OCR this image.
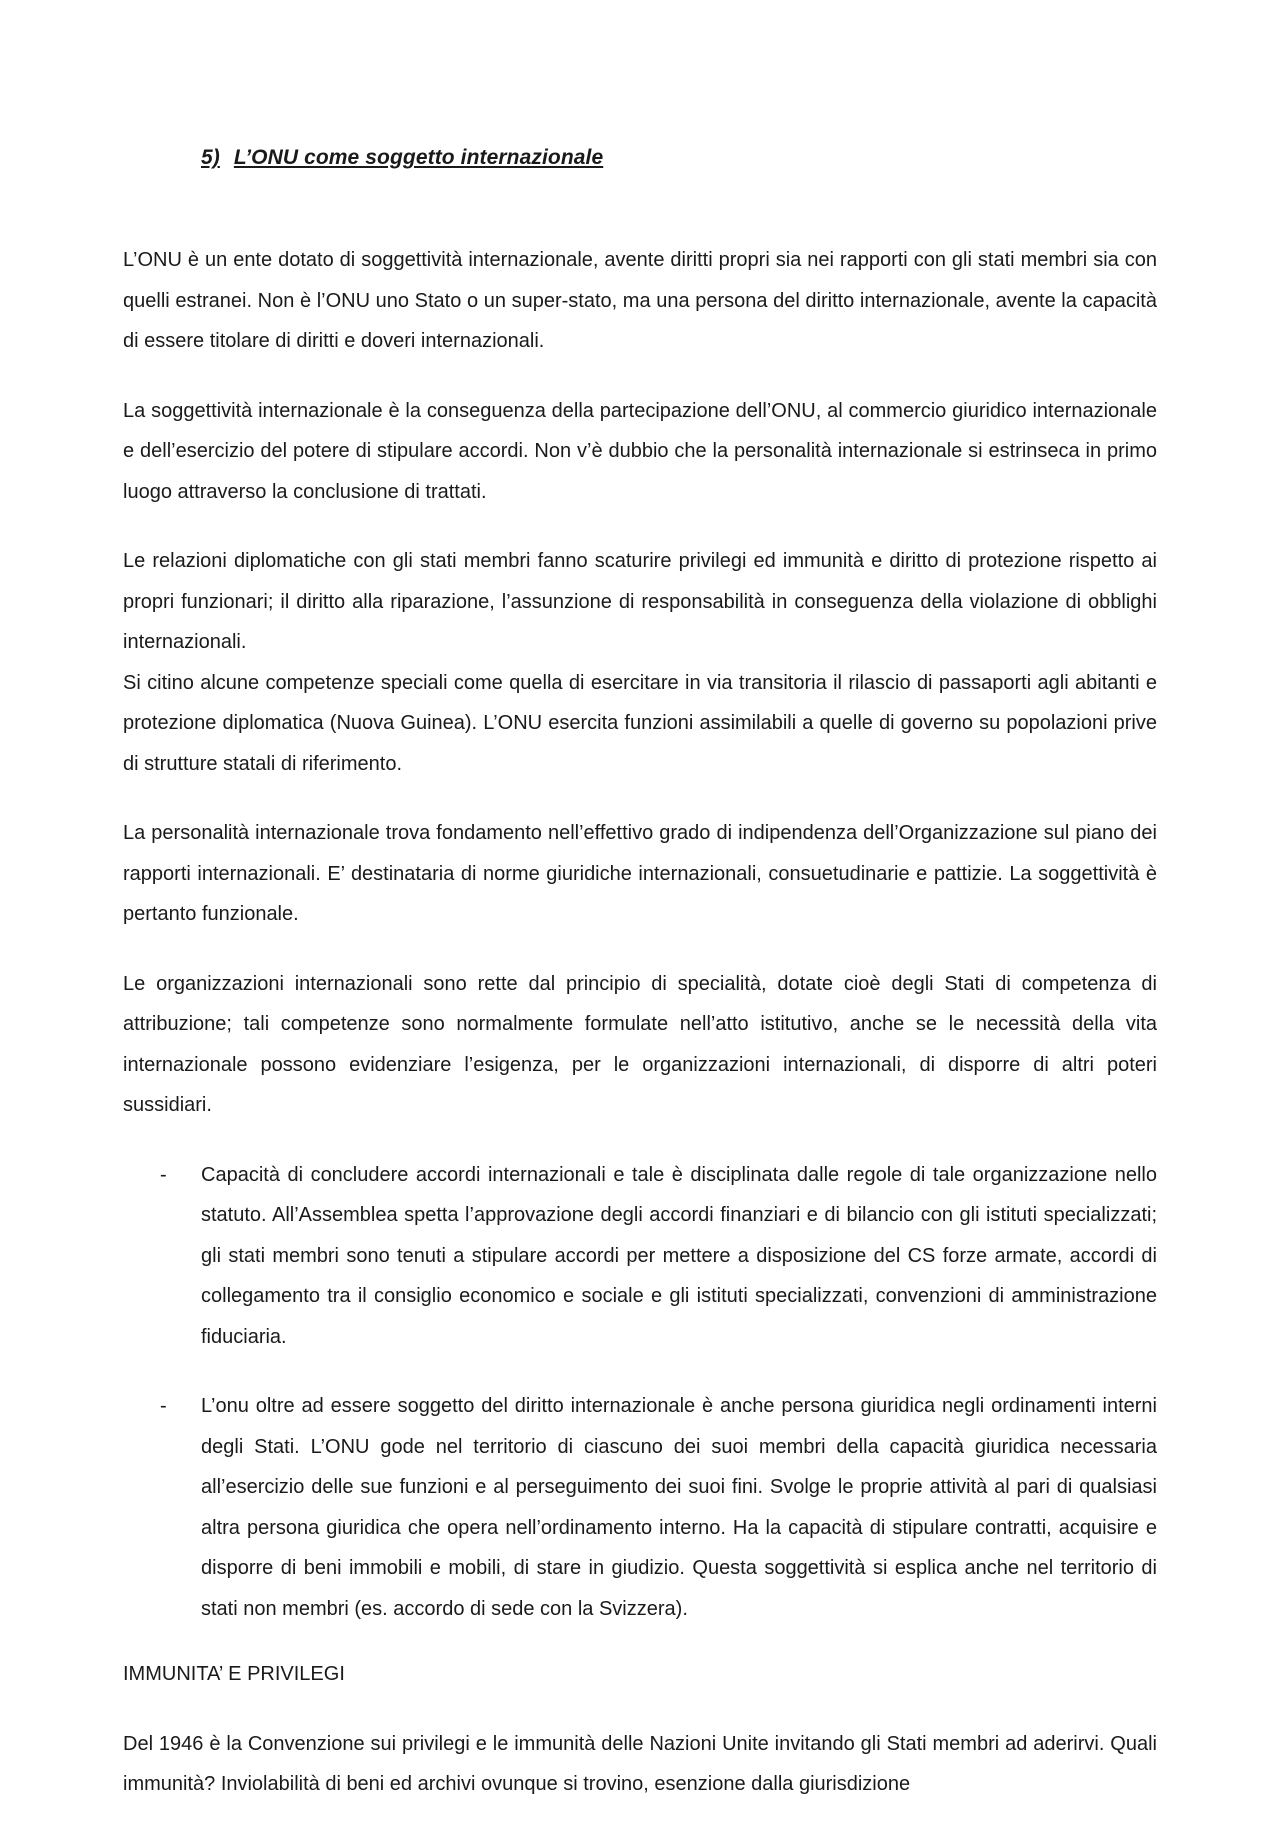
5) L’ONU come soggetto internazionale

L’ONU è un ente dotato di soggettività internazionale, avente diritti propri sia nei rapporti con gli stati membri sia con quelli estranei. Non è l’ONU uno Stato o un super-stato, ma una persona del diritto internazionale, avente la capacità di essere titolare di diritti e doveri internazionali.

La soggettività internazionale è la conseguenza della partecipazione dell’ONU, al commercio giuridico internazionale e dell’esercizio del potere di stipulare accordi. Non v’è dubbio che la personalità internazionale si estrinseca in primo luogo attraverso la conclusione di trattati.

Le relazioni diplomatiche con gli stati membri fanno scaturire privilegi ed immunità e diritto di protezione rispetto ai propri funzionari; il diritto alla riparazione, l’assunzione di responsabilità in conseguenza della violazione di obblighi internazionali.

Si citino alcune competenze speciali come quella di esercitare in via transitoria il rilascio di passaporti agli abitanti e protezione diplomatica (Nuova Guinea). L’ONU esercita funzioni assimilabili a quelle di governo su popolazioni prive di strutture statali di riferimento.

La personalità internazionale trova fondamento nell’effettivo grado di indipendenza dell’Organizzazione sul piano dei rapporti internazionali. E’ destinataria di norme giuridiche internazionali, consuetudinarie e pattizie. La soggettività è pertanto funzionale.

Le organizzazioni internazionali sono rette dal principio di specialità, dotate cioè degli Stati di competenza di attribuzione; tali competenze sono normalmente formulate nell’atto istitutivo, anche se le necessità della vita internazionale possono evidenziare l’esigenza, per le organizzazioni internazionali, di disporre di altri poteri sussidiari.

- Capacità di concludere accordi internazionali e tale è disciplinata dalle regole di tale organizzazione nello statuto. All’Assemblea spetta l’approvazione degli accordi finanziari e di bilancio con gli istituti specializzati; gli stati membri sono tenuti a stipulare accordi per mettere a disposizione del CS forze armate, accordi di collegamento tra il consiglio economico e sociale e gli istituti specializzati, convenzioni di amministrazione fiduciaria.
- L’onu oltre ad essere soggetto del diritto internazionale è anche persona giuridica negli ordinamenti interni degli Stati. L’ONU gode nel territorio di ciascuno dei suoi membri della capacità giuridica necessaria all’esercizio delle sue funzioni e al perseguimento dei suoi fini. Svolge le proprie attività al pari di qualsiasi altra persona giuridica che opera nell’ordinamento interno. Ha la capacità di stipulare contratti, acquisire e disporre di beni immobili e mobili, di stare in giudizio. Questa soggettività si esplica anche nel territorio di stati non membri (es. accordo di sede con la Svizzera).

IMMUNITA’ E PRIVILEGI

Del 1946 è la Convenzione sui privilegi e le immunità delle Nazioni Unite invitando gli Stati membri ad aderirvi. Quali immunità? Inviolabilità di beni ed archivi ovunque si trovino, esenzione dalla giurisdizione
